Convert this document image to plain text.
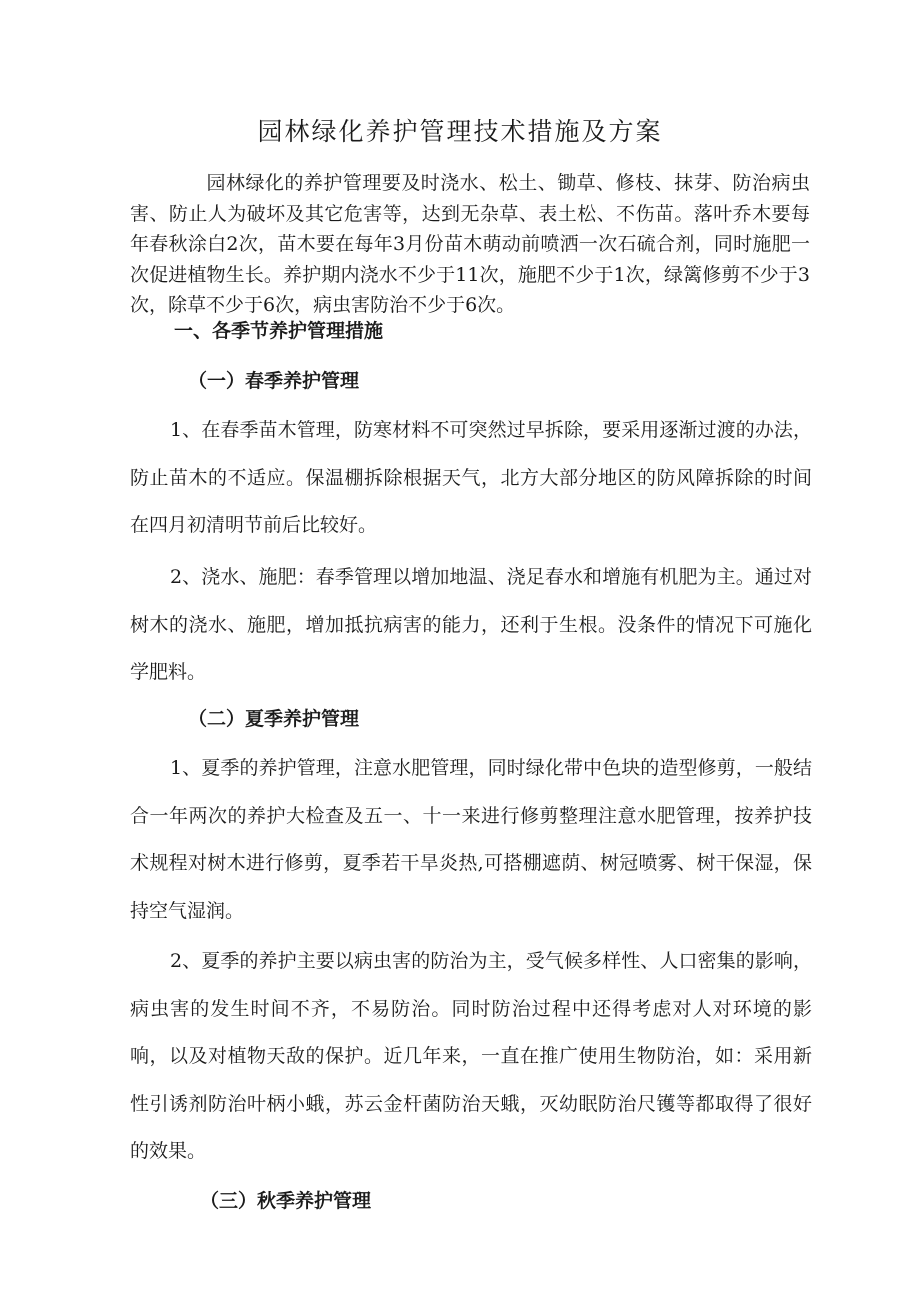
园林绿化养护管理技术措施及方案

园林绿化的养护管理要及时浇水、松土、锄草、修枝、抹芽、防治病虫害、防止人为破坏及其它危害等，达到无杂草、表土松、不伤苗。落叶乔木要每年春秋涂白2次，苗木要在每年3月份苗木萌动前喷洒一次石硫合剂，同时施肥一次促进植物生长。养护期内浇水不少于11次，施肥不少于1次，绿篱修剪不少于3次，除草不少于6次，病虫害防治不少于6次。

一、各季节养护管理措施
（一）春季养护管理

1、在春季苗木管理，防寒材料不可突然过早拆除，要采用逐渐过渡的办法，防止苗木的不适应。保温棚拆除根据天气，北方大部分地区的防风障拆除的时间在四月初清明节前后比较好。

2、浇水、施肥：春季管理以增加地温、浇足春水和增施有机肥为主。通过对树木的浇水、施肥，增加抵抗病害的能力，还利于生根。没条件的情况下可施化学肥料。

（二）夏季养护管理

1、夏季的养护管理，注意水肥管理，同时绿化带中色块的造型修剪，一般结合一年两次的养护大检查及五一、十一来进行修剪整理注意水肥管理，按养护技术规程对树木进行修剪，夏季若干旱炎热,可搭棚遮荫、树冠喷雾、树干保湿，保持空气湿润。

2、夏季的养护主要以病虫害的防治为主，受气候多样性、人口密集的影响，病虫害的发生时间不齐，不易防治。同时防治过程中还得考虑对人对环境的影响，以及对植物天敌的保护。近几年来，一直在推广使用生物防治，如：采用新性引诱剂防治叶柄小蛾，苏云金杆菌防治天蛾，灭幼眠防治尺镬等都取得了很好的效果。

（三）秋季养护管理
